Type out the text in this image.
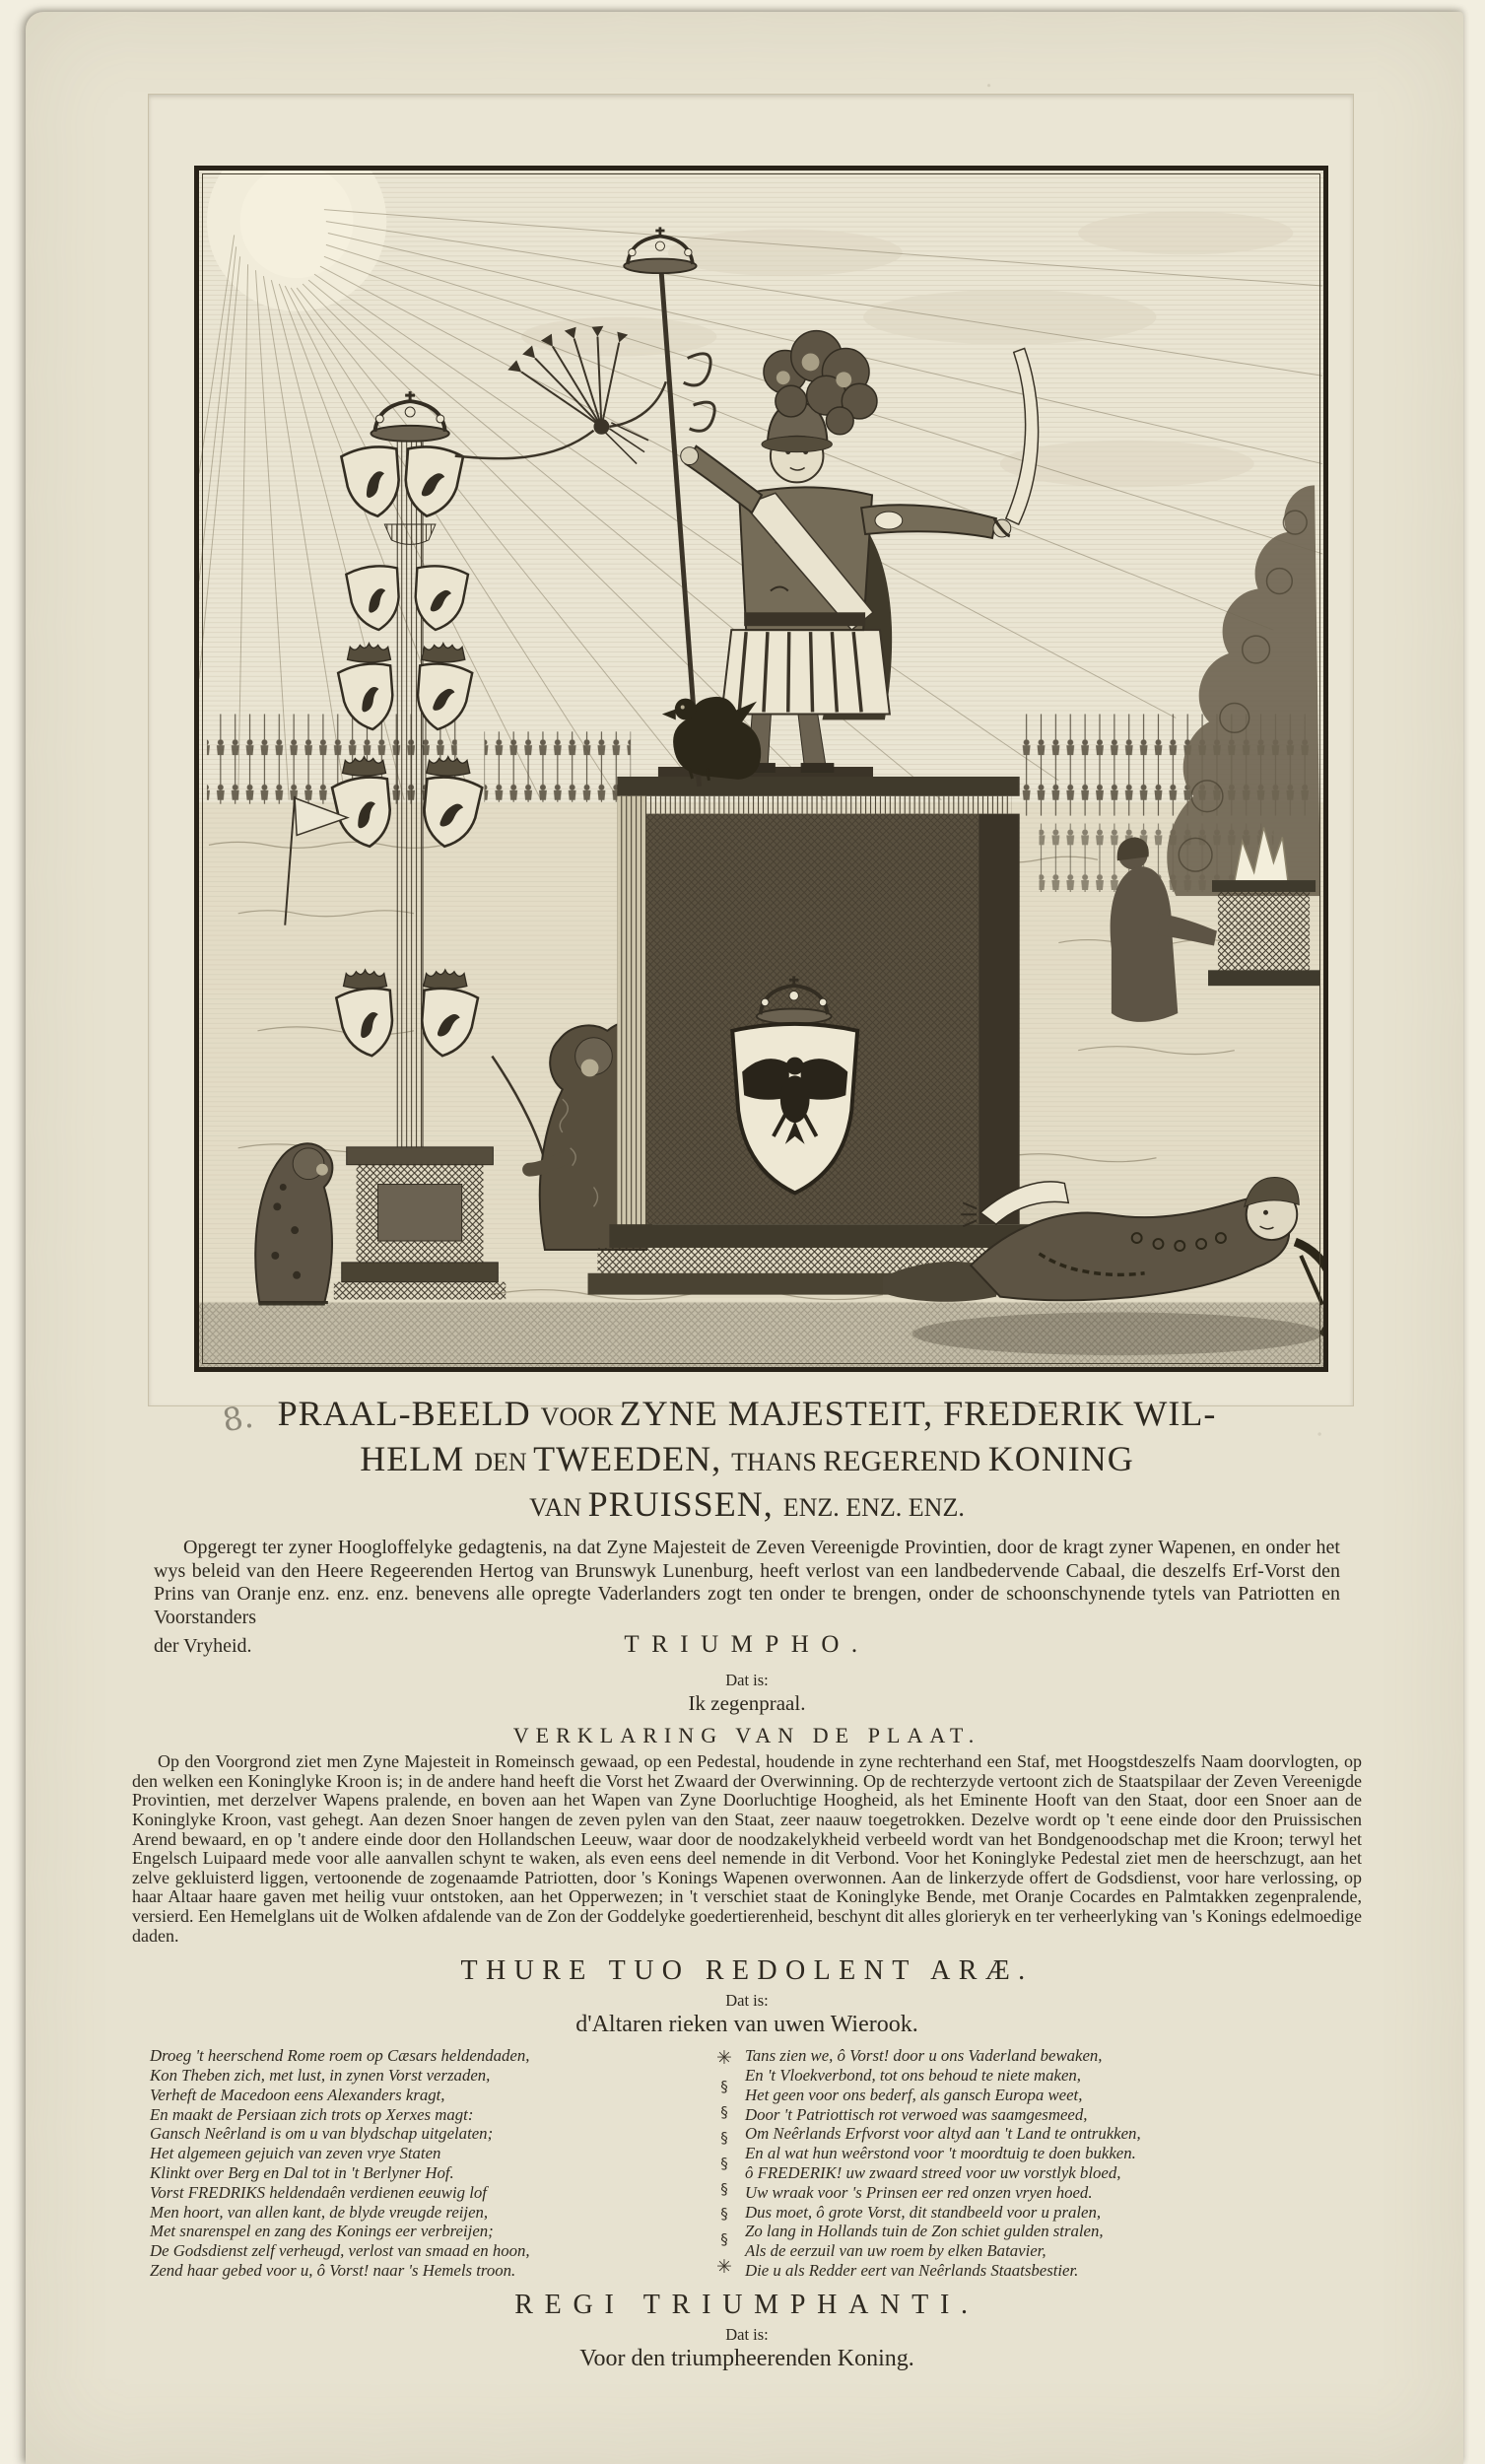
8. PRAAL-BEELD VOOR ZYNE MAJESTEIT, FREDERIK WIL-
HELM DEN TWEEDEN, THANS REGEREND KONING
VAN PRUISSEN, ENZ. ENZ. ENZ.

Opgeregt ter zyner Hoogloffelyke gedagtenis, na dat Zyne Majesteit de Zeven Vereenigde Provintien, door de kragt zyner Wapenen, en onder het wys beleid van den Heere Regeerenden Hertog van Brunswyk Lunenburg, heeft verlost van een landbedervende Cabaal, die deszelfs Erf-Vorst den Prins van Oranje enz. enz. enz. benevens alle opregte Vaderlanders zogt ten onder te brengen, onder de schoonschynende tytels van Patriotten en Voorstanders

der Vryheid.	TRIUMPHO.
Dat is:
Ik zegenpraal.
VERKLARING VAN DE PLAAT.

Op den Voorgrond ziet men Zyne Majesteit in Romeinsch gewaad, op een Pedestal, houdende in zyne rechterhand een Staf, met Hoogstdeszelfs Naam doorvlogten, op den welken een Koninglyke Kroon is; in de andere hand heeft die Vorst het Zwaard der Overwinning. Op de rechterzyde vertoont zich de Staatspilaar der Zeven Vereenigde Provintien, met derzelver Wapens pralende, en boven aan het Wapen van Zyne Doorluchtige Hoogheid, als het Eminente Hooft van den Staat, door een Snoer aan de Koninglyke Kroon, vast gehegt. Aan dezen Snoer hangen de zeven pylen van den Staat, zeer naauw toegetrokken. Dezelve wordt op 't eene einde door den Pruissischen Arend bewaard, en op 't andere einde door den Hollandschen Leeuw, waar door de noodzakelykheid verbeeld wordt van het Bondgenoodschap met die Kroon; terwyl het Engelsch Luipaard mede voor alle aanvallen schynt te waken, als even eens deel nemende in dit Verbond. Voor het Koninglyke Pedestal ziet men de heerschzugt, aan het zelve gekluisterd liggen, vertoonende de zogenaamde Patriotten, door 's Konings Wapenen overwonnen. Aan de linkerzyde offert de Godsdienst, voor hare verlossing, op haar Altaar haare gaven met heilig vuur ontstoken, aan het Opperwezen; in 't verschiet staat de Koninglyke Bende, met Oranje Cocardes en Palmtakken zegenpralende, versierd. Een Hemelglans uit de Wolken afdalende van de Zon der Goddelyke goedertierenheid, beschynt dit alles glorieryk en ter verheerlyking van 's Konings edelmoedige daden.

THURE TUO REDOLENT ARÆ.
Dat is:
d'Altaren rieken van uwen Wierook.
Droeg 't heerschend Rome roem op Cæsars heldendaden,
Kon Theben zich, met lust, in zynen Vorst verzaden,
Verheft de Macedoon eens Alexanders kragt,
En maakt de Persiaan zich trots op Xerxes magt:
Gansch Neêrland is om u van blydschap uitgelaten;
Het algemeen gejuich van zeven vrye Staten
Klinkt over Berg en Dal tot in 't Berlyner Hof.
Vorst FREDRIKS heldendaên verdienen eeuwig lof
Men hoort, van allen kant, de blyde vreugde reijen,
Met snarenspel en zang des Konings eer verbreijen;
De Godsdienst zelf verheugd, verlost van smaad en hoon,
Zend haar gebed voor u, ô Vorst! naar 's Hemels troon.
✳
§
§
§
§
§
§
§
✳
Tans zien we, ô Vorst! door u ons Vaderland bewaken,
En 't Vloekverbond, tot ons behoud te niete maken,
Het geen voor ons bederf, als gansch Europa weet,
Door 't Patriottisch rot verwoed was saamgesmeed,
Om Neêrlands Erfvorst voor altyd aan 't Land te ontrukken,
En al wat hun weêrstond voor 't moordtuig te doen bukken.
ô FREDERIK! uw zwaard streed voor uw vorstlyk bloed,
Uw wraak voor 's Prinsen eer red onzen vryen hoed.
Dus moet, ô grote Vorst, dit standbeeld voor u pralen,
Zo lang in Hollands tuin de Zon schiet gulden stralen,
Als de eerzuil van uw roem by elken Batavier,
Die u als Redder eert van Neêrlands Staatsbestier.
REGI TRIUMPHANTI.
Dat is:
Voor den triumpheerenden Koning.
